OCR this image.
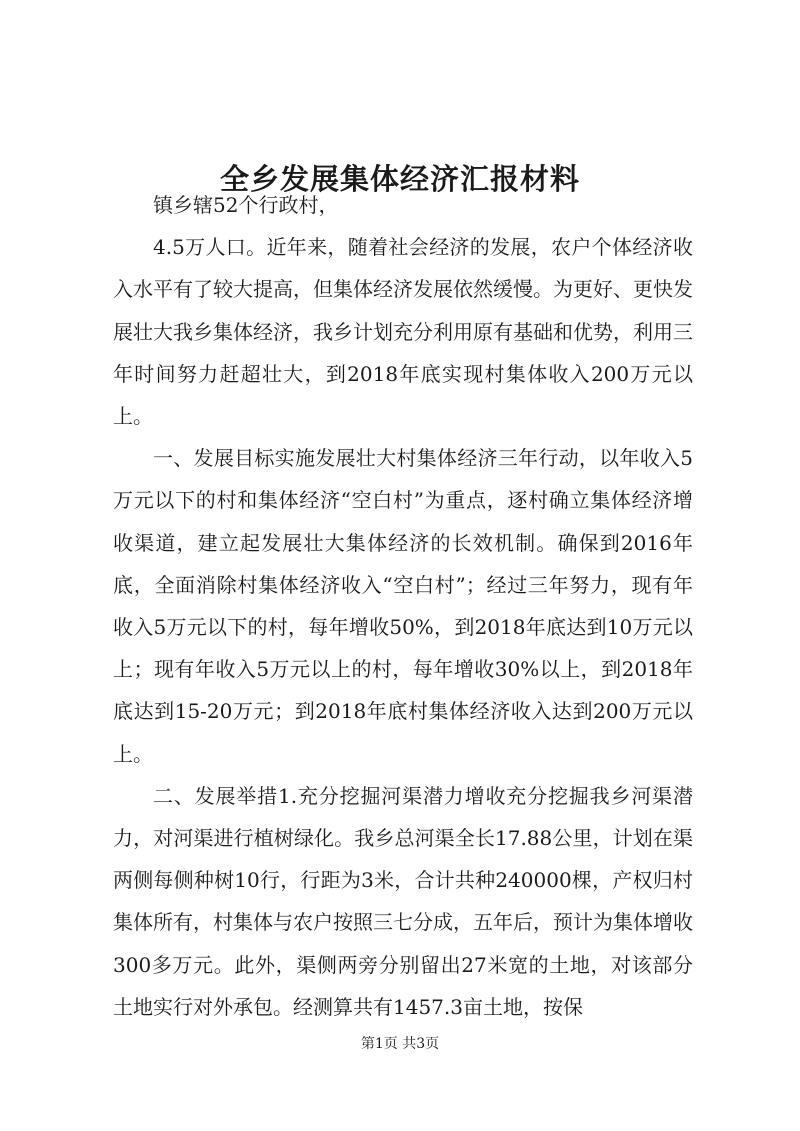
全乡发展集体经济汇报材料

镇乡辖52个行政村，

4.5万人口。近年来，随着社会经济的发展，农户个体经济收入水平有了较大提高，但集体经济发展依然缓慢。为更好、更快发展壮大我乡集体经济，我乡计划充分利用原有基础和优势，利用三年时间努力赶超壮大，到2018年底实现村集体收入200万元以上。

一、发展目标实施发展壮大村集体经济三年行动，以年收入5万元以下的村和集体经济“空白村”为重点，逐村确立集体经济增收渠道，建立起发展壮大集体经济的长效机制。确保到2016年底，全面消除村集体经济收入“空白村”；经过三年努力，现有年收入5万元以下的村，每年增收50%，到2018年底达到10万元以上；现有年收入5万元以上的村，每年增收30%以上，到2018年底达到15-20万元；到2018年底村集体经济收入达到200万元以上。

二、发展举措1.充分挖掘河渠潜力增收充分挖掘我乡河渠潜力，对河渠进行植树绿化。我乡总河渠全长17.88公里，计划在渠两侧每侧种树10行，行距为3米，合计共种240000棵，产权归村集体所有，村集体与农户按照三七分成，五年后，预计为集体增收300多万元。此外，渠侧两旁分别留出27米宽的土地，对该部分土地实行对外承包。经测算共有1457.3亩土地，按保

第1页 共3页
